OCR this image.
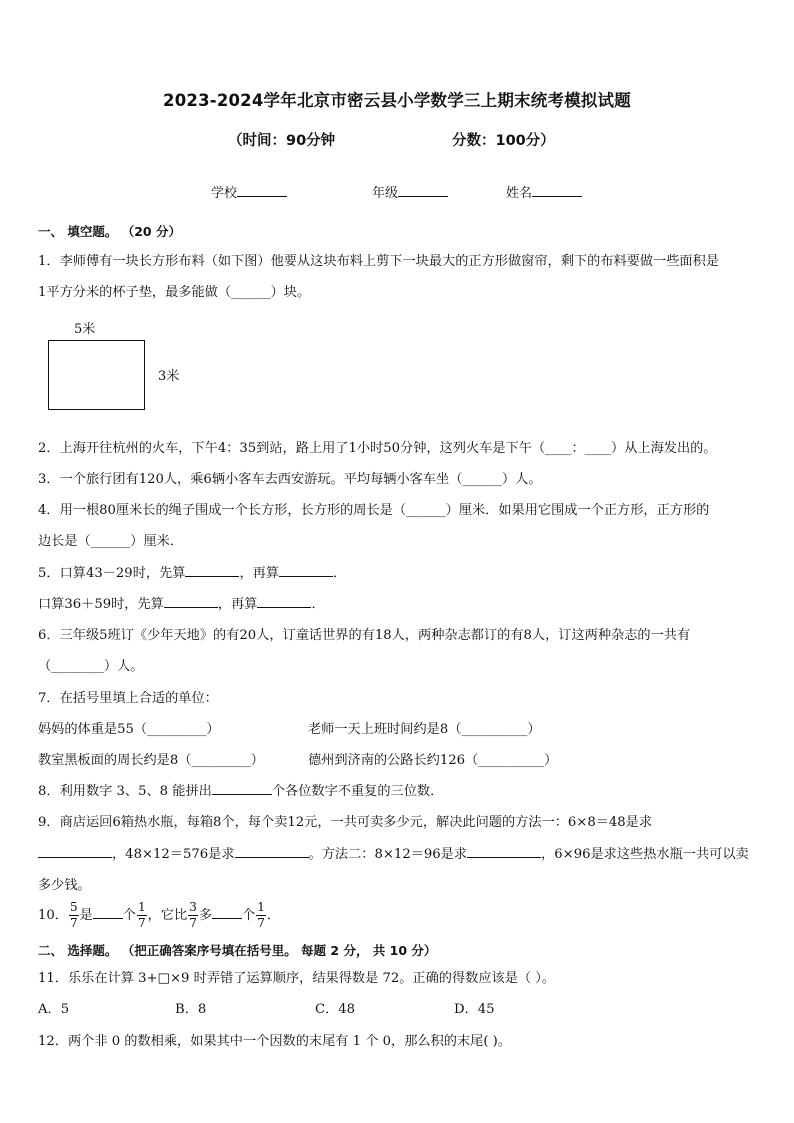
2023-2024学年北京市密云县小学数学三上期末统考模拟试题
（时间：90分钟	分数：100分）
学校	年级	姓名
一、 填空题。 （20 分）
1．李师傅有一块长方形布料（如下图）他要从这块布料上剪下一块最大的正方形做窗帘，剩下的布料要做一些面积是
1平方分米的杯子垫，最多能做（______）块。
5米
3米
2．上海开往杭州的火车，下午4：35到站，路上用了1小时50分钟，这列火车是下午（____：____）从上海发出的。
3．一个旅行团有120人，乘6辆小客车去西安游玩。平均每辆小客车坐（______）人。
4．用一根80厘米长的绳子围成一个长方形，长方形的周长是（______）厘米．如果用它围成一个正方形，正方形的
边长是（______）厘米．
5．口算43－29时，先算	，再算	．
口算36＋59时，先算	，再算	．
6．三年级5班订《少年天地》的有20人，订童话世界的有18人，两种杂志都订的有8人，订这两种杂志的一共有
（________）人。
7．在括号里填上合适的单位：
妈妈的体重是55（_________）	老师一天上班时间约是8（__________）
教室黑板面的周长约是8（_________）	德州到济南的公路长约126（__________）
8．利用数字 3、5、8 能拼出	个各位数字不重复的三位数．
9．商店运回6箱热水瓶，每箱8个，每个卖12元，一共可卖多少元，解决此问题的方法一：6×8＝48是求
，48×12＝576是求	。方法二：8×12＝96是求	，6×96是求这些热水瓶一共可以卖
多少钱。
10． $\frac{5}{7}$ 是 个 $\frac{1}{7}$ ，它比 $\frac{3}{7}$ 多 个 $\frac{1}{7}$ ．
二、 选择题。 （把正确答案序号填在括号里。 每题 2 分， 共 10 分）
11．乐乐在计算 3+□×9 时弄错了运算顺序，结果得数是 72。正确的得数应该是（ ）。
A．5	B．8	C．48	D．45
12．两个非 0 的数相乘，如果其中一个因数的末尾有 1 个 0，那么积的末尾( )。
